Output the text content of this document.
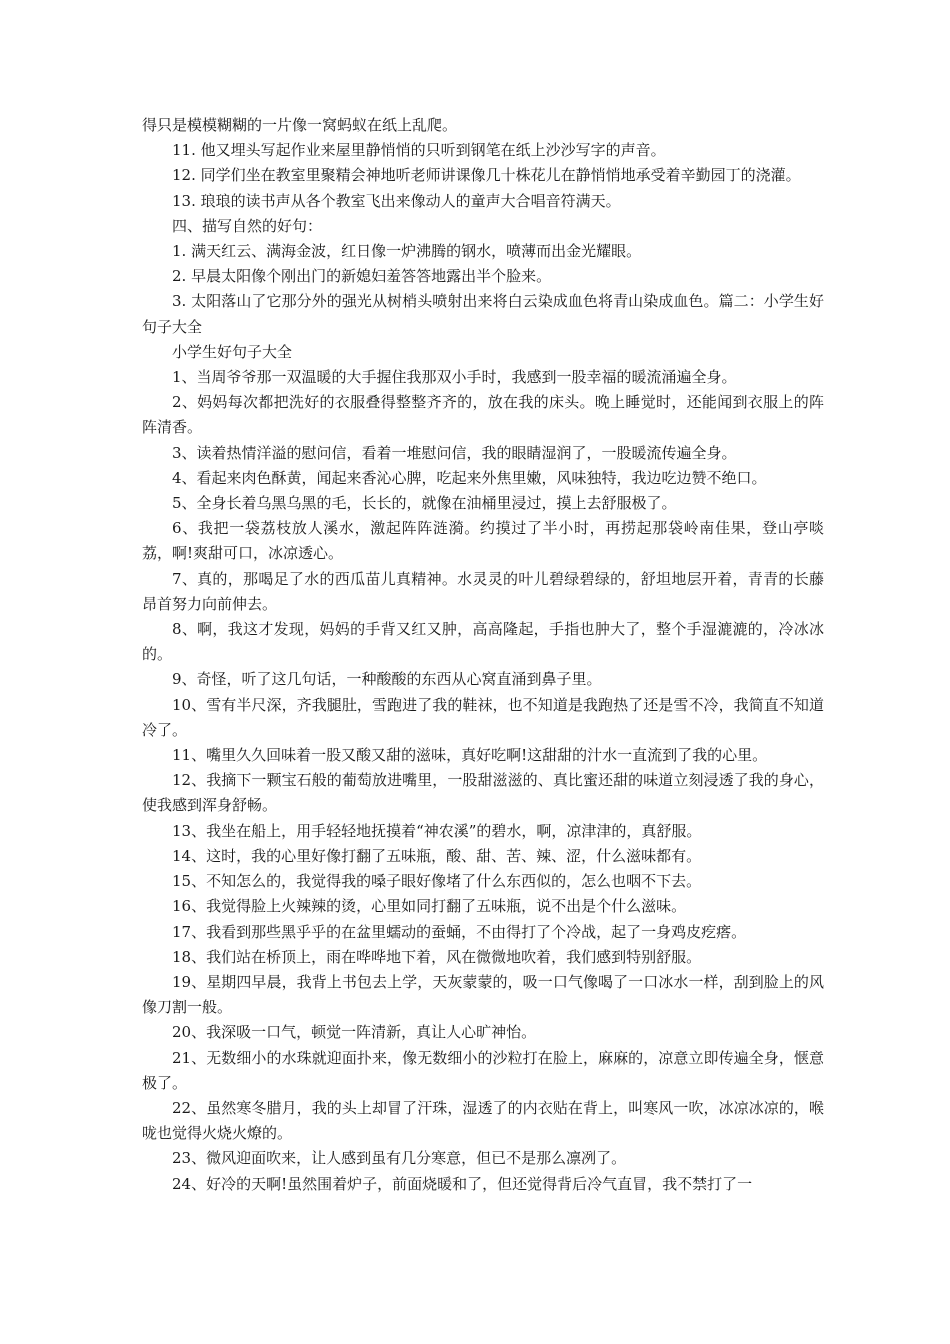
得只是模模糊糊的一片像一窝蚂蚁在纸上乱爬。

11. 他又埋头写起作业来屋里静悄悄的只听到钢笔在纸上沙沙写字的声音。

12. 同学们坐在教室里聚精会神地听老师讲课像几十株花儿在静悄悄地承受着辛勤园丁的浇灌。

13. 琅琅的读书声从各个教室飞出来像动人的童声大合唱音符满天。

四、描写自然的好句：

1. 满天红云、满海金波，红日像一炉沸腾的钢水，喷薄而出金光耀眼。

2. 早晨太阳像个刚出门的新媳妇羞答答地露出半个脸来。

3. 太阳落山了它那分外的强光从树梢头喷射出来将白云染成血色将青山染成血色。篇二：小学生好句子大全

小学生好句子大全

1、当周爷爷那一双温暖的大手握住我那双小手时，我感到一股幸福的暖流涌遍全身。

2、妈妈每次都把洗好的衣服叠得整整齐齐的，放在我的床头。晚上睡觉时，还能闻到衣服上的阵阵清香。

3、读着热情洋溢的慰问信，看着一堆慰问信，我的眼睛湿润了，一股暖流传遍全身。

4、看起来肉色酥黄，闻起来香沁心脾，吃起来外焦里嫩，风味独特，我边吃边赞不绝口。

5、全身长着乌黑乌黑的毛，长长的，就像在油桶里浸过，摸上去舒服极了。

6、我把一袋荔枝放人溪水，激起阵阵涟漪。约摸过了半小时，再捞起那袋岭南佳果，登山亭啖荔，啊!爽甜可口，冰凉透心。

7、真的，那喝足了水的西瓜苗儿真精神。水灵灵的叶儿碧绿碧绿的，舒坦地层开着，青青的长藤昂首努力向前伸去。

8、啊，我这才发现，妈妈的手背又红又肿，高高隆起，手指也肿大了，整个手湿漉漉的，冷冰冰的。

9、奇怪，听了这几句话，一种酸酸的东西从心窝直涌到鼻子里。

10、雪有半尺深，齐我腿肚，雪跑进了我的鞋袜，也不知道是我跑热了还是雪不冷，我简直不知道冷了。

11、嘴里久久回味着一股又酸又甜的滋味，真好吃啊!这甜甜的汁水一直流到了我的心里。

12、我摘下一颗宝石般的葡萄放进嘴里，一股甜滋滋的、真比蜜还甜的味道立刻浸透了我的身心，使我感到浑身舒畅。

13、我坐在船上，用手轻轻地抚摸着“神农溪”的碧水，啊，凉津津的，真舒服。

14、这时，我的心里好像打翻了五味瓶，酸、甜、苦、辣、涩，什么滋味都有。

15、不知怎么的，我觉得我的嗓子眼好像堵了什么东西似的，怎么也咽不下去。

16、我觉得脸上火辣辣的烫，心里如同打翻了五味瓶，说不出是个什么滋味。

17、我看到那些黑乎乎的在盆里蠕动的蚕蛹，不由得打了个冷战，起了一身鸡皮疙瘩。

18、我们站在桥顶上，雨在哗哗地下着，风在微微地吹着，我们感到特别舒服。

19、星期四早晨，我背上书包去上学，天灰蒙蒙的，吸一口气像喝了一口冰水一样，刮到脸上的风像刀割一般。

20、我深吸一口气，顿觉一阵清新，真让人心旷神怡。

21、无数细小的水珠就迎面扑来，像无数细小的沙粒打在脸上，麻麻的，凉意立即传遍全身，惬意极了。

22、虽然寒冬腊月，我的头上却冒了汗珠，湿透了的内衣贴在背上，叫寒风一吹，冰凉冰凉的，喉咙也觉得火烧火燎的。

23、微风迎面吹来，让人感到虽有几分寒意，但已不是那么凛冽了。

24、好冷的天啊!虽然围着炉子，前面烧暖和了，但还觉得背后冷气直冒，我不禁打了一
